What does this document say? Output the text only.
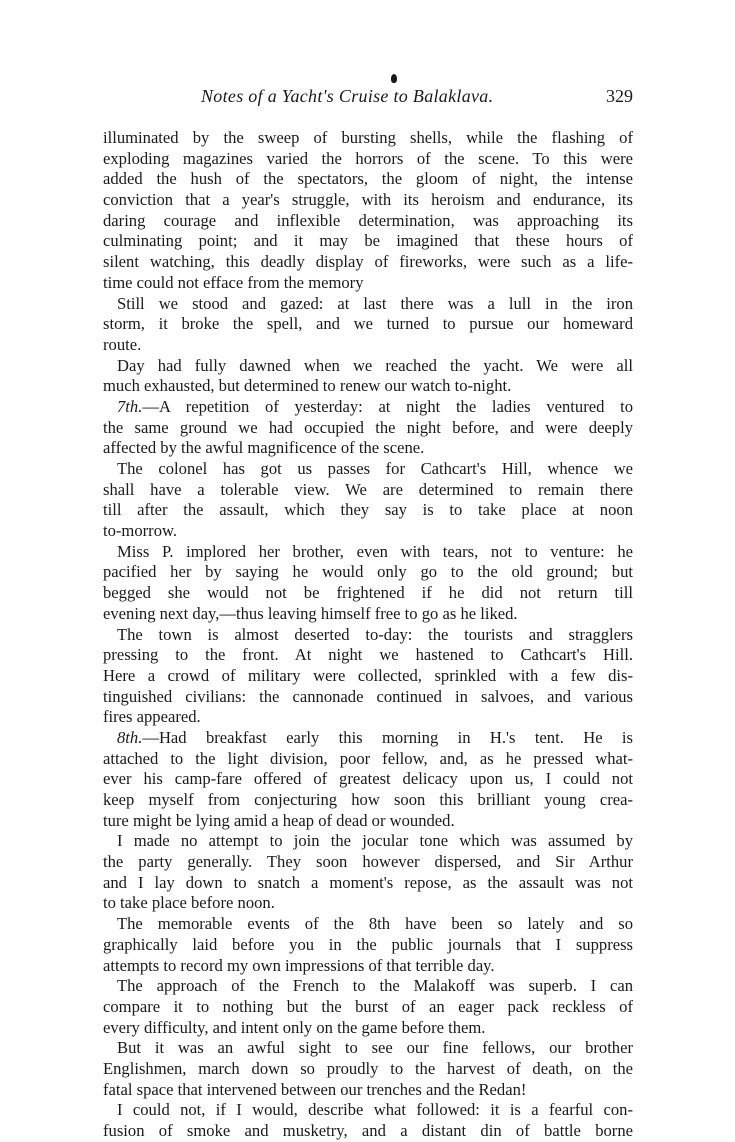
Notes of a Yacht's Cruise to Balaklava.	329
illuminated by the sweep of bursting shells, while the flashing of
exploding magazines varied the horrors of the scene. To this were
added the hush of the spectators, the gloom of night, the intense
conviction that a year's struggle, with its heroism and endurance, its
daring courage and inflexible determination, was approaching its
culminating point; and it may be imagined that these hours of
silent watching, this deadly display of fireworks, were such as a life-
time could not efface from the memory
Still we stood and gazed: at last there was a lull in the iron
storm, it broke the spell, and we turned to pursue our homeward
route.
Day had fully dawned when we reached the yacht. We were all
much exhausted, but determined to renew our watch to-night.
7th.—A repetition of yesterday: at night the ladies ventured to
the same ground we had occupied the night before, and were deeply
affected by the awful magnificence of the scene.
The colonel has got us passes for Cathcart's Hill, whence we
shall have a tolerable view. We are determined to remain there
till after the assault, which they say is to take place at noon
to-morrow.
Miss P. implored her brother, even with tears, not to venture: he
pacified her by saying he would only go to the old ground; but
begged she would not be frightened if he did not return till
evening next day,—thus leaving himself free to go as he liked.
The town is almost deserted to-day: the tourists and stragglers
pressing to the front. At night we hastened to Cathcart's Hill.
Here a crowd of military were collected, sprinkled with a few dis-
tinguished civilians: the cannonade continued in salvoes, and various
fires appeared.
8th.—Had breakfast early this morning in H.'s tent. He is
attached to the light division, poor fellow, and, as he pressed what-
ever his camp-fare offered of greatest delicacy upon us, I could not
keep myself from conjecturing how soon this brilliant young crea-
ture might be lying amid a heap of dead or wounded.
I made no attempt to join the jocular tone which was assumed by
the party generally. They soon however dispersed, and Sir Arthur
and I lay down to snatch a moment's repose, as the assault was not
to take place before noon.
The memorable events of the 8th have been so lately and so
graphically laid before you in the public journals that I suppress
attempts to record my own impressions of that terrible day.
The approach of the French to the Malakoff was superb. I can
compare it to nothing but the burst of an eager pack reckless of
every difficulty, and intent only on the game before them.
But it was an awful sight to see our fine fellows, our brother
Englishmen, march down so proudly to the harvest of death, on the
fatal space that intervened between our trenches and the Redan!
I could not, if I would, describe what followed: it is a fearful con-
fusion of smoke and musketry, and a distant din of battle borne
